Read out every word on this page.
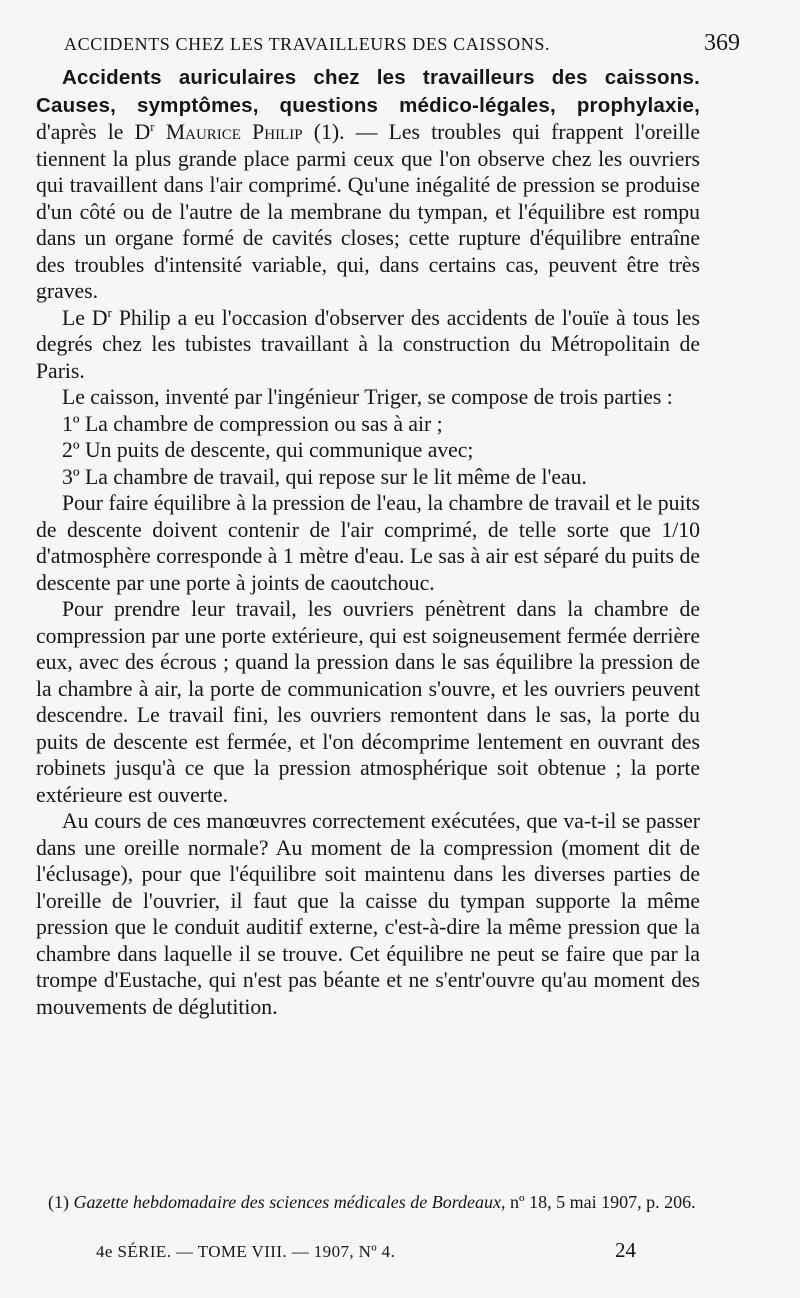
ACCIDENTS CHEZ LES TRAVAILLEURS DES CAISSONS.	369

Accidents auriculaires chez les travailleurs des caissons. Causes, symptômes, questions médico-légales, prophylaxie, d'après le $D^r$ Maurice Philip (1). — Les troubles qui frappent l'oreille tiennent la plus grande place parmi ceux que l'on observe chez les ouvriers qui travaillent dans l'air comprimé. Qu'une inégalité de pression se produise d'un côté ou de l'autre de la membrane du tympan, et l'équilibre est rompu dans un organe formé de cavités closes; cette rupture d'équilibre entraîne des troubles d'intensité variable, qui, dans certains cas, peuvent être très graves.

Le $D^r$ Philip a eu l'occasion d'observer des accidents de l'ouïe à tous les degrés chez les tubistes travaillant à la construction du Métropolitain de Paris.

Le caisson, inventé par l'ingénieur Triger, se compose de trois parties :

1º La chambre de compression ou sas à air ;

2º Un puits de descente, qui communique avec;

3º La chambre de travail, qui repose sur le lit même de l'eau.

Pour faire équilibre à la pression de l'eau, la chambre de travail et le puits de descente doivent contenir de l'air comprimé, de telle sorte que 1/10 d'atmosphère corresponde à 1 mètre d'eau. Le sas à air est séparé du puits de descente par une porte à joints de caoutchouc.

Pour prendre leur travail, les ouvriers pénètrent dans la chambre de compression par une porte extérieure, qui est soigneusement fermée derrière eux, avec des écrous ; quand la pression dans le sas équilibre la pression de la chambre à air, la porte de communication s'ouvre, et les ouvriers peuvent descendre. Le travail fini, les ouvriers remontent dans le sas, la porte du puits de descente est fermée, et l'on décomprime lentement en ouvrant des robinets jusqu'à ce que la pression atmosphérique soit obtenue ; la porte extérieure est ouverte.

Au cours de ces manœuvres correctement exécutées, que va-t-il se passer dans une oreille normale? Au moment de la compression (moment dit de l'éclusage), pour que l'équilibre soit maintenu dans les diverses parties de l'oreille de l'ouvrier, il faut que la caisse du tympan supporte la même pression que le conduit auditif externe, c'est-à-dire la même pression que la chambre dans laquelle il se trouve. Cet équilibre ne peut se faire que par la trompe d'Eustache, qui n'est pas béante et ne s'entr'ouvre qu'au moment des mouvements de déglutition.

(1) Gazette hebdomadaire des sciences médicales de Bordeaux, nº 18, 5 mai 1907, p. 206.

4e SÉRIE. — TOME VIII. — 1907, Nº 4.	24
